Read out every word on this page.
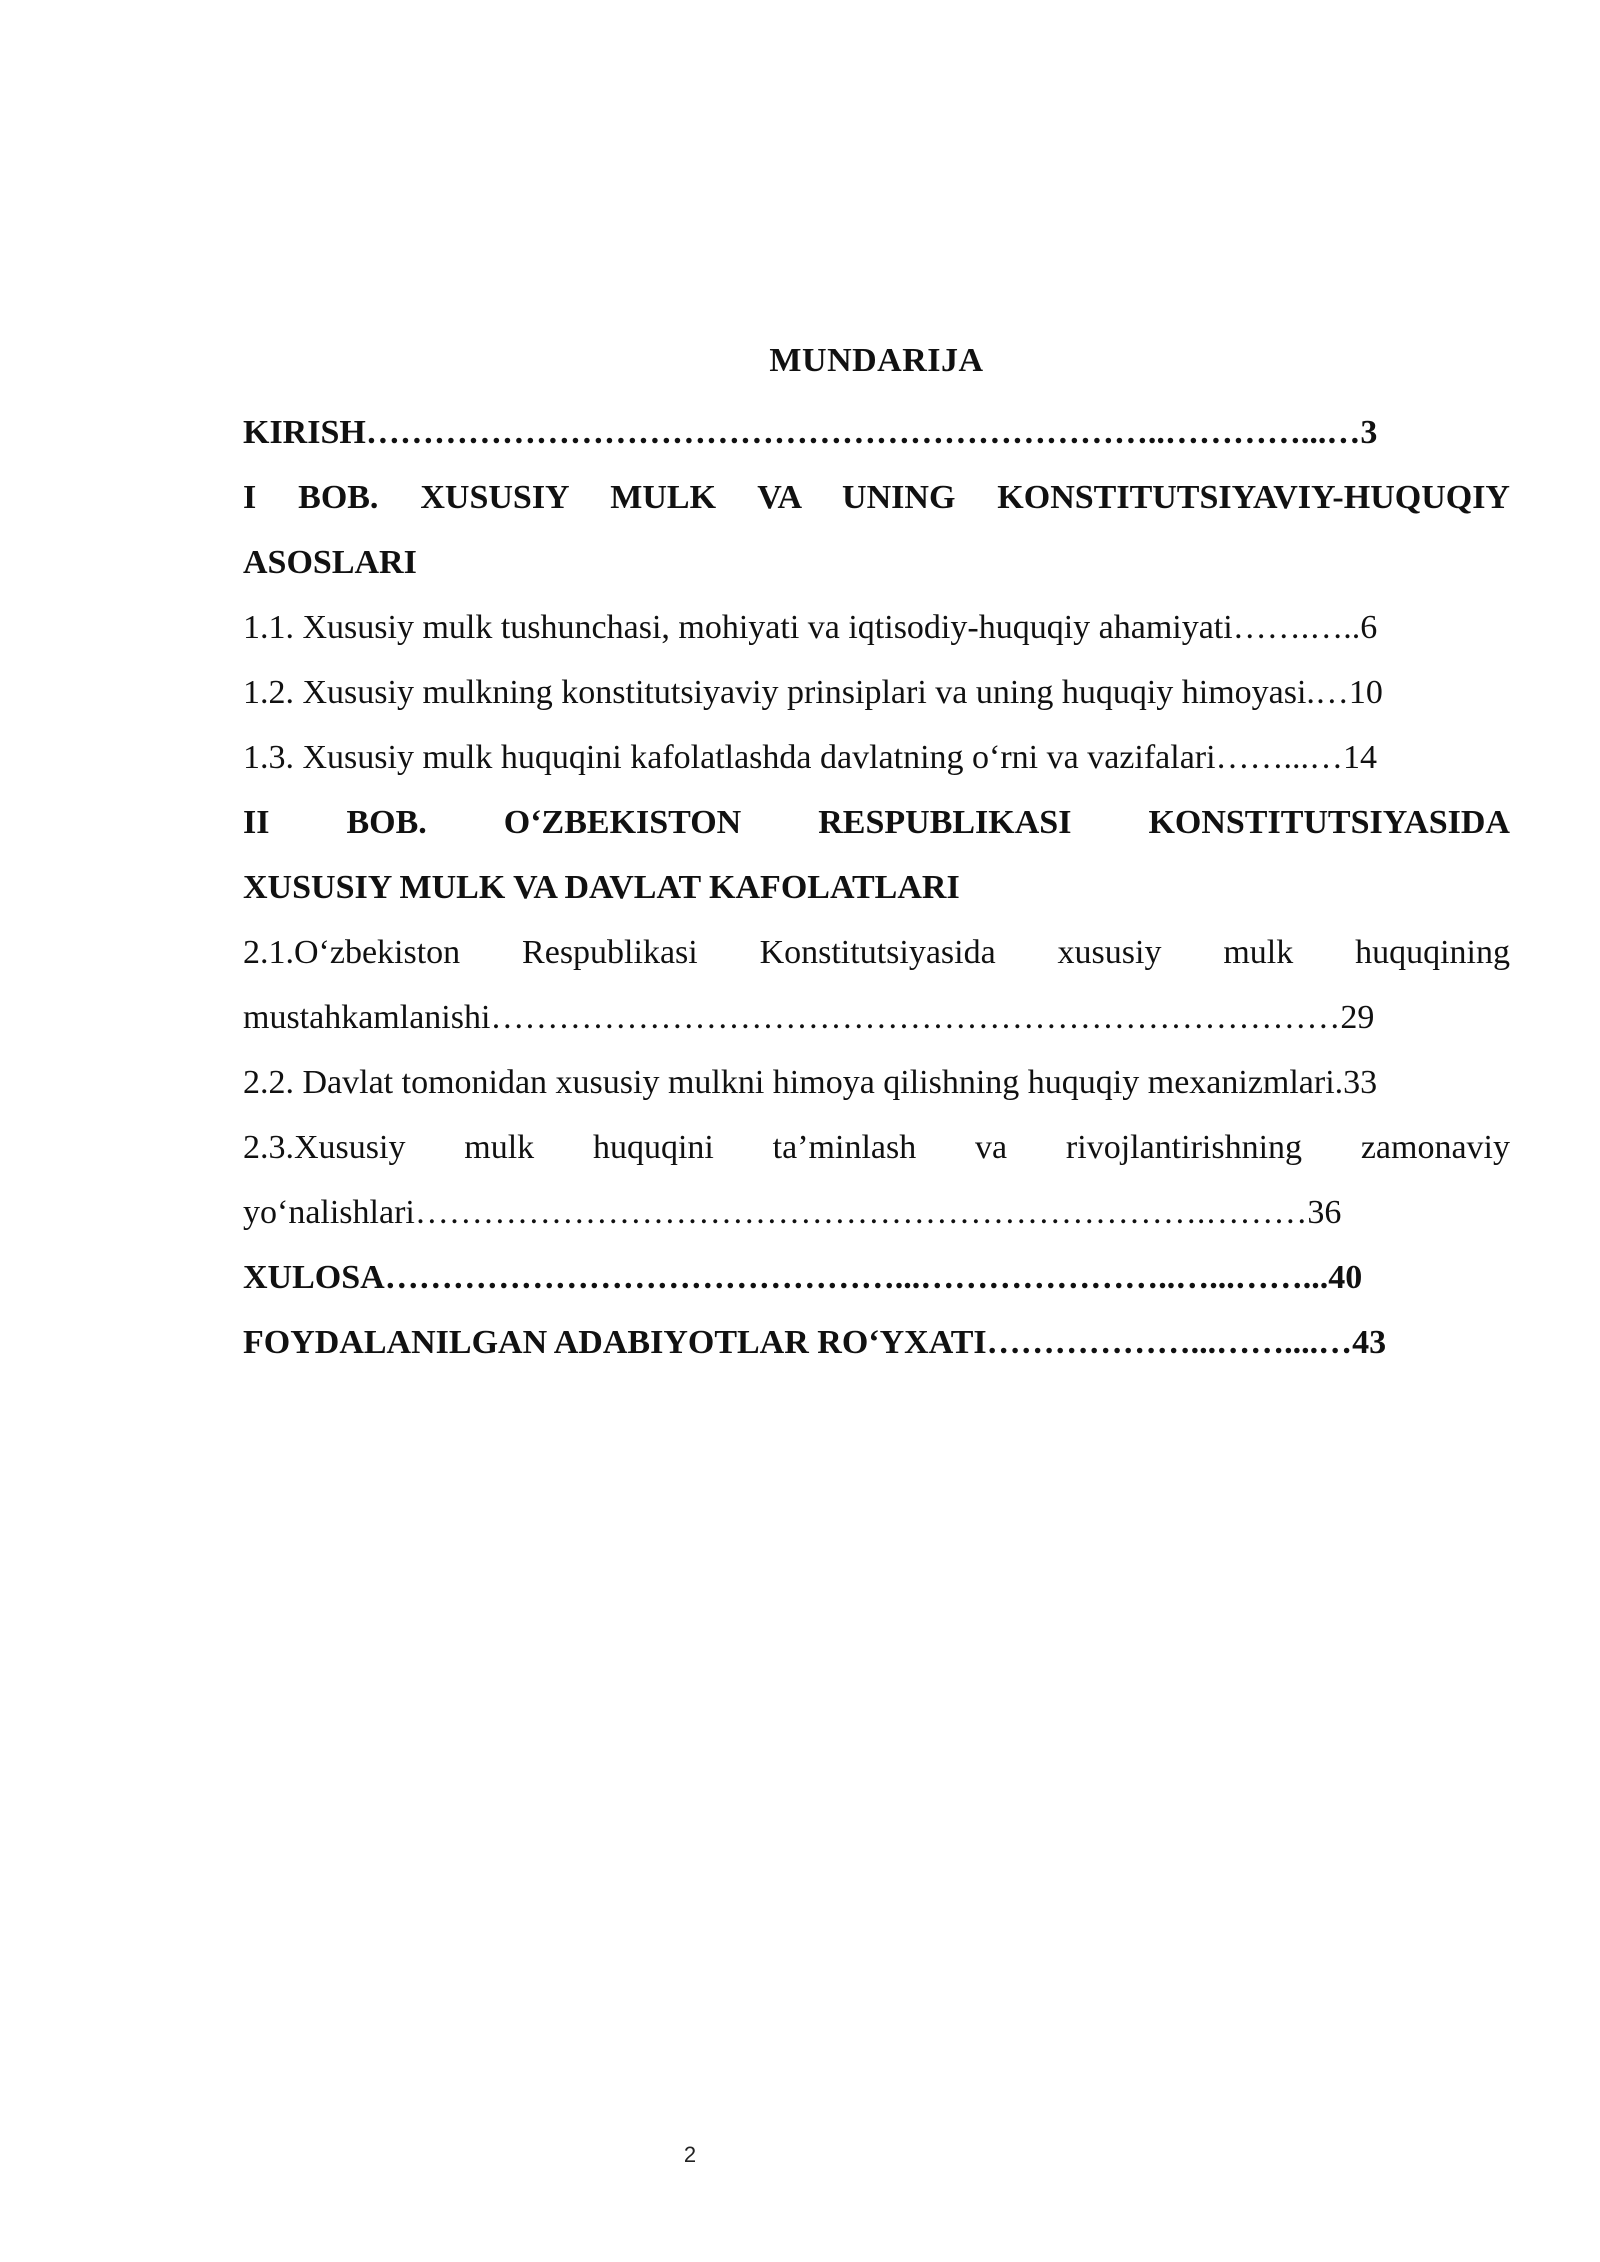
MUNDARIJA
KIRISH……………………………………………………………..…………...…3
I BOB. XUSUSIY MULK VA UNING KONSTITUTSIYAVIY-HUQUQIY
ASOSLARI
1.1. Xususiy mulk tushunchasi, mohiyati va iqtisodiy-huquqiy ahamiyati…….…..6
1.2. Xususiy mulkning konstitutsiyaviy prinsiplari va uning huquqiy himoyasi.…10
1.3. Xususiy mulk huquqini kafolatlashda davlatning o‘rni va vazifalari……...…14
II BOB. O‘ZBEKISTON RESPUBLIKASI KONSTITUTSIYASIDA
XUSUSIY MULK VA DAVLAT KAFOLATLARI
2.1.O‘zbekiston Respublikasi Konstitutsiyasida xususiy mulk huquqining
mustahkamlanishi…………………………………………………………………29
2.2. Davlat tomonidan xususiy mulkni himoya qilishning huquqiy mexanizmlari.33
2.3.Xususiy mulk huquqini ta’minlash va rivojlantirishning zamonaviy
yo‘nalishlari…………………………………………………………….………36
XULOSA………………………………………...…………………..…...……...40
FOYDALANILGAN ADABIYOTLAR RO‘YXATI………………...……....…43
2
